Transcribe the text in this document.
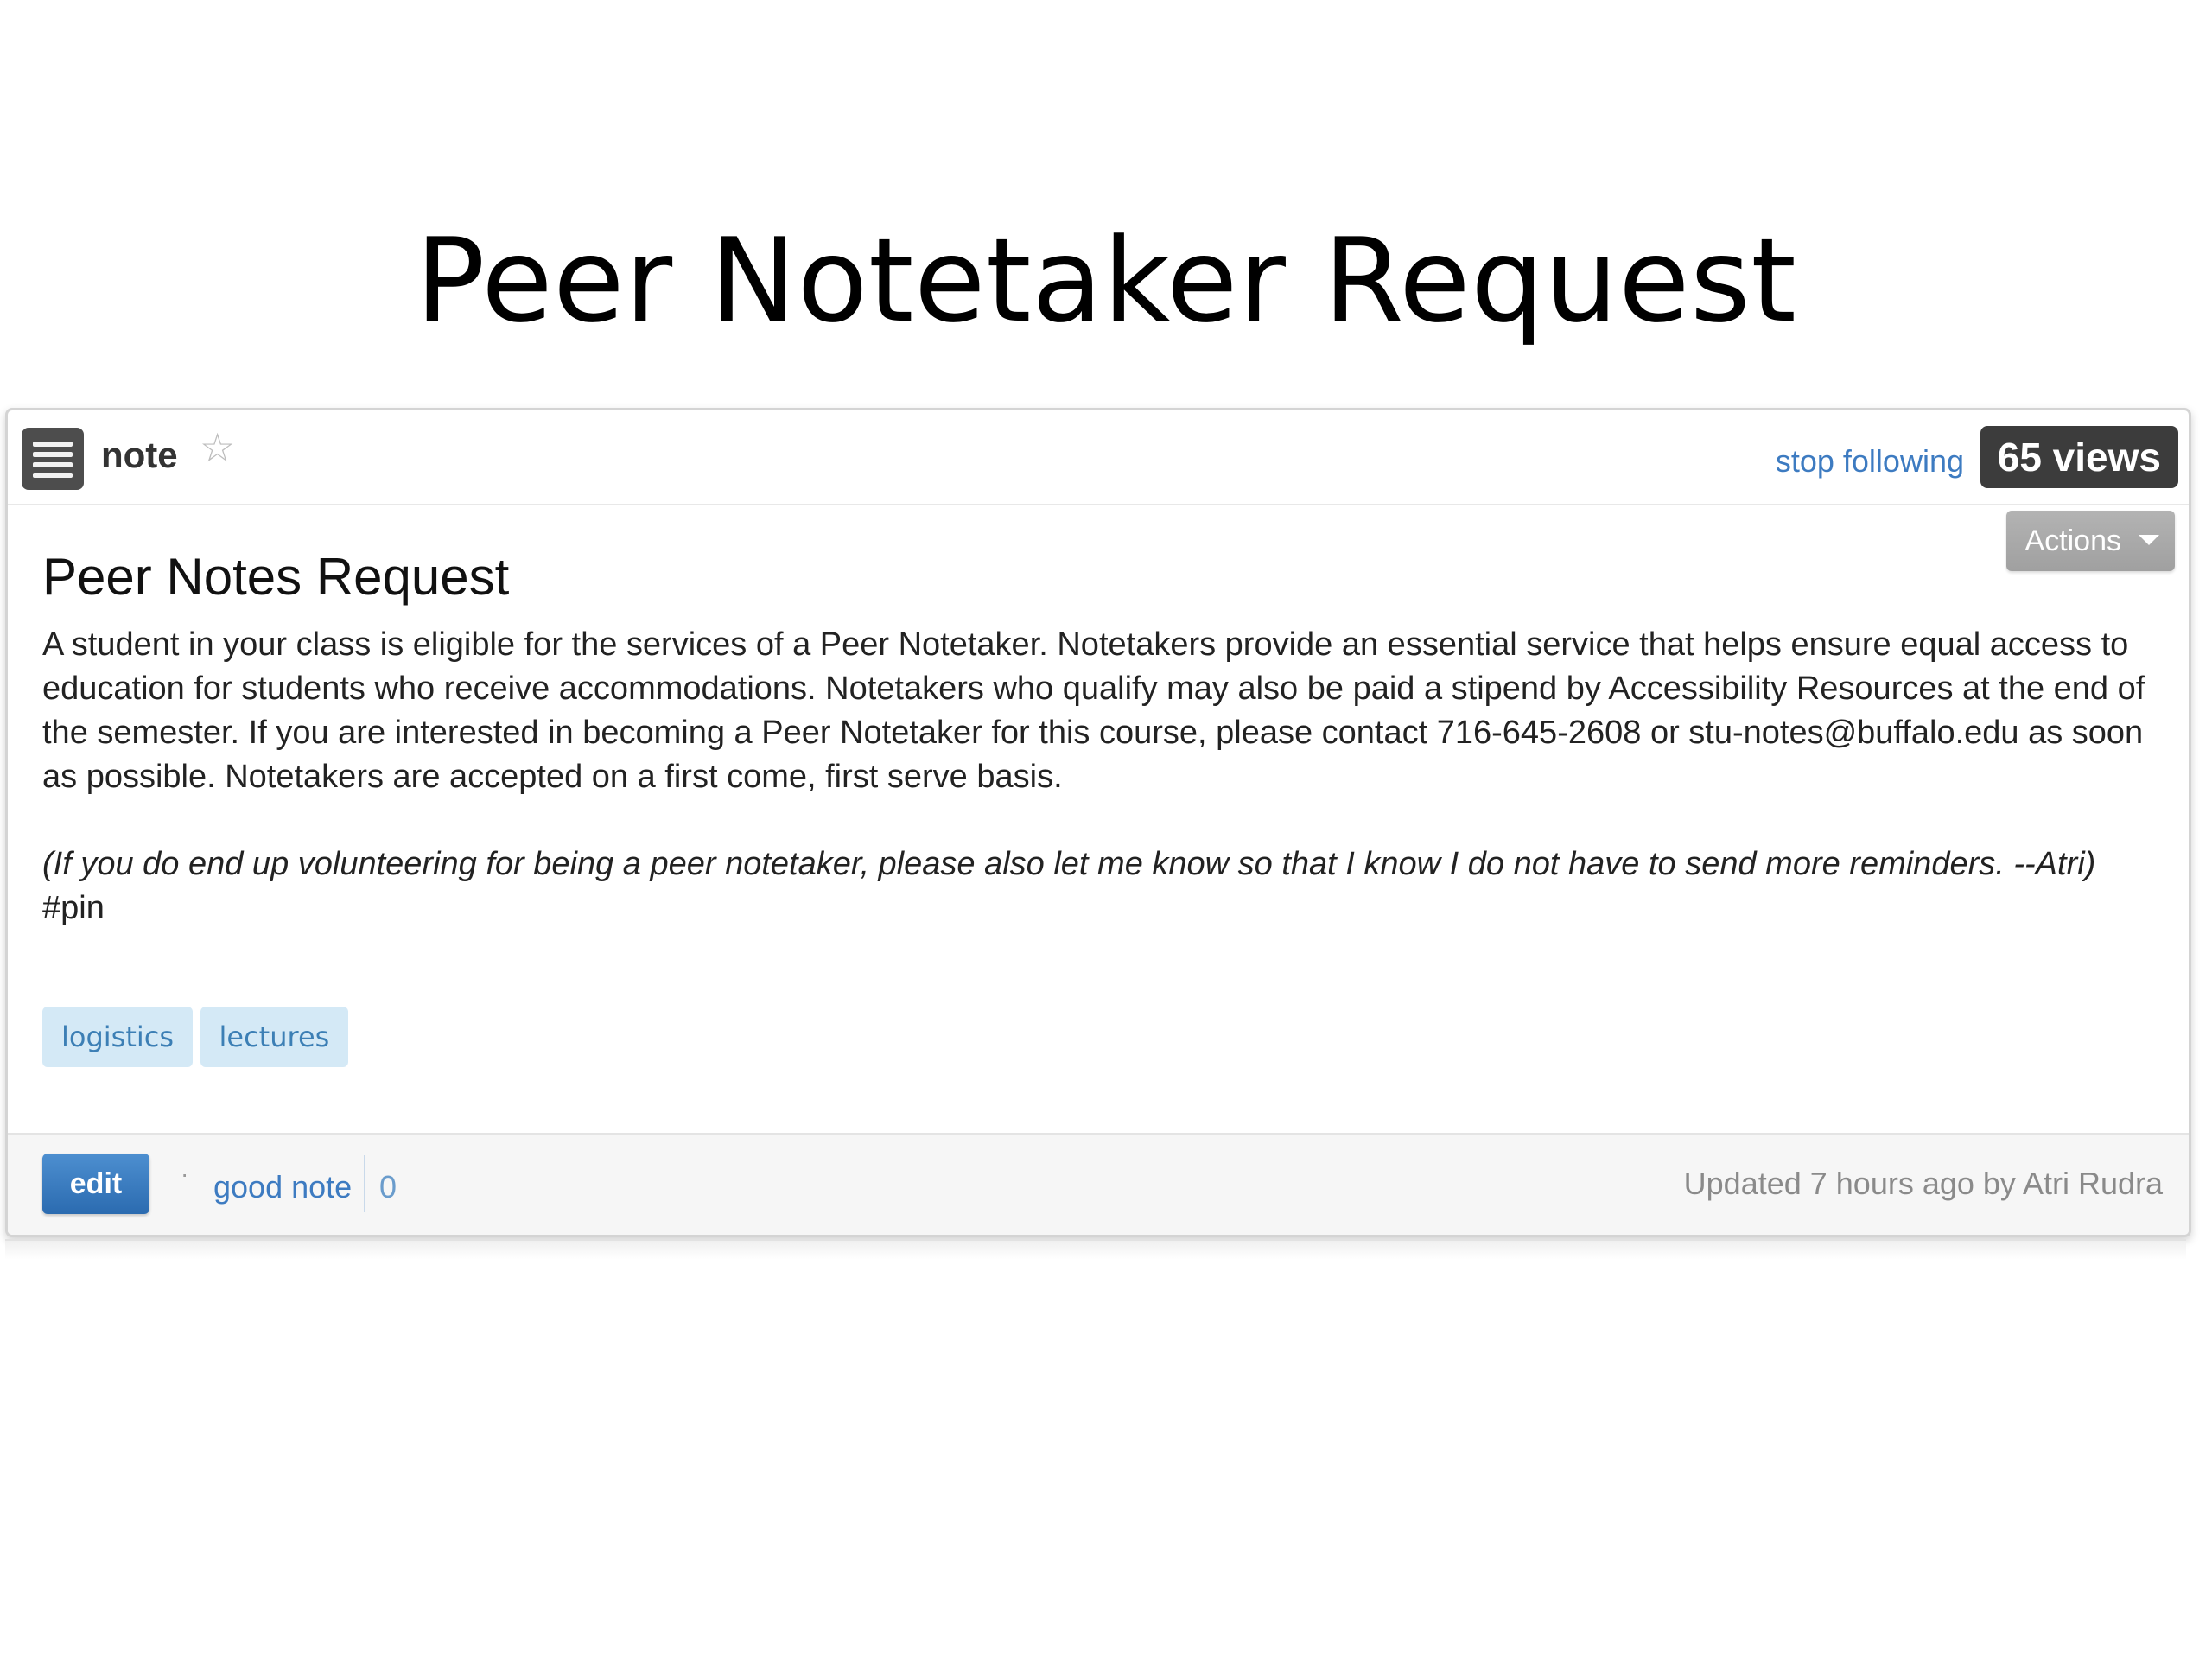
Peer Notetaker Request
note ☆	stop following 65 views
Actions
Peer Notes Request

A student in your class is eligible for the services of a Peer Notetaker. Notetakers provide an essential service that helps ensure equal access to education for students who receive accommodations. Notetakers who qualify may also be paid a stipend by Accessibility Resources at the end of the semester. If you are interested in becoming a Peer Notetaker for this course, please contact 716-645-2608 or stu-notes@buffalo.edu as soon as possible. Notetakers are accepted on a first come, first serve basis.

(If you do end up volunteering for being a peer notetaker, please also let me know so that I know I do not have to send more reminders. --Atri)

#pin

logistics lectures
edit	· good note 0	Updated 7 hours ago by Atri Rudra
